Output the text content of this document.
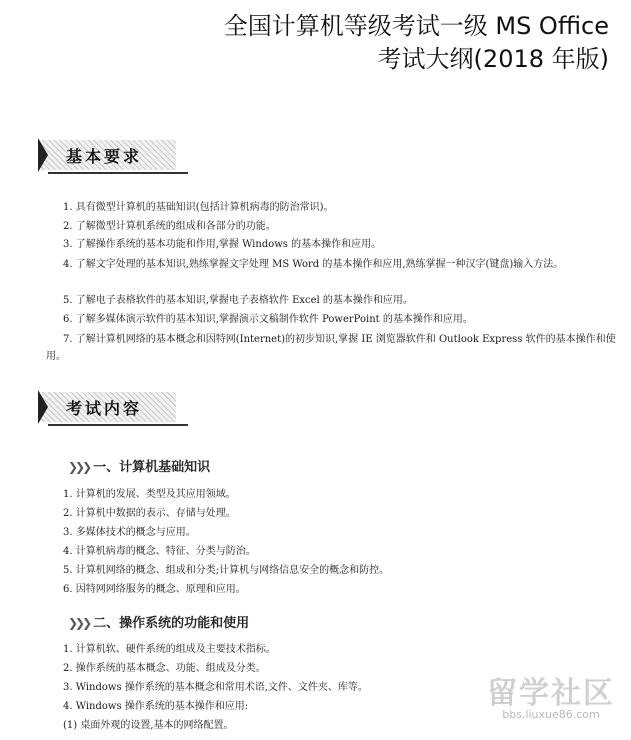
全国计算机等级考试一级 MS Office
考试大纲(2018 年版)
基本要求
1. 具有微型计算机的基础知识(包括计算机病毒的防治常识)。
2. 了解微型计算机系统的组成和各部分的功能。
3. 了解操作系统的基本功能和作用,掌握 Windows 的基本操作和应用。
4. 了解文字处理的基本知识,熟练掌握文字处理 MS Word 的基本操作和应用,熟练掌握一种汉字(键盘)输入方法。
5. 了解电子表格软件的基本知识,掌握电子表格软件 Excel 的基本操作和应用。
6. 了解多媒体演示软件的基本知识,掌握演示文稿制作软件 PowerPoint 的基本操作和应用。
7. 了解计算机网络的基本概念和因特网(Internet)的初步知识,掌握 IE 浏览器软件和 Outlook Express 软件的基本操作和使用。
考试内容
❯❯❯ 一、计算机基础知识
1. 计算机的发展、类型及其应用领域。
2. 计算机中数据的表示、存储与处理。
3. 多媒体技术的概念与应用。
4. 计算机病毒的概念、特征、分类与防治。
5. 计算机网络的概念、组成和分类;计算机与网络信息安全的概念和防控。
6. 因特网网络服务的概念、原理和应用。
❯❯❯ 二、操作系统的功能和使用
1. 计算机软、硬件系统的组成及主要技术指标。
2. 操作系统的基本概念、功能、组成及分类。
3. Windows 操作系统的基本概念和常用术语,文件、文件夹、库等。
4. Windows 操作系统的基本操作和应用:
(1) 桌面外观的设置,基本的网络配置。
留学社区
bbs.liuxue86.com
